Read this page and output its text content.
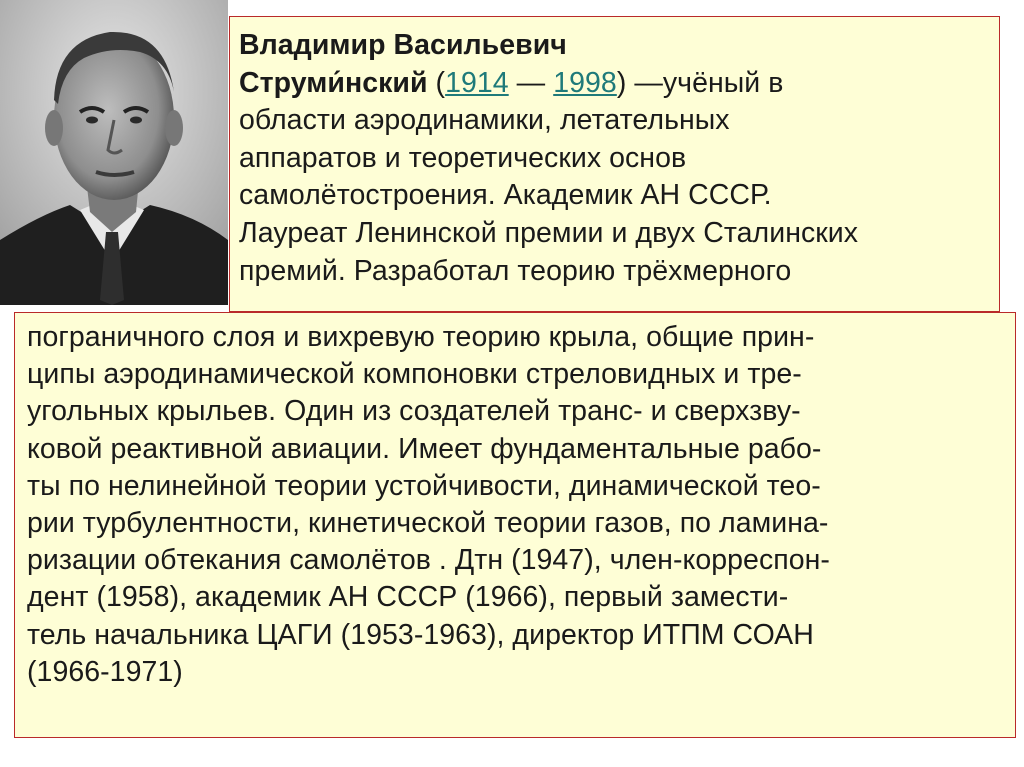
Владимир Васильевич
Струми́нский (1914 — 1998) —учёный в
области аэродинамики, летательных
аппаратов и теоретических основ
самолётостроения. Академик АН СССР.
Лауреат Ленинской премии и двух Сталинских
премий. Разработал теорию трёхмерного
пограничного слоя и вихревую теорию крыла, общие прин-
ципы аэродинамической компоновки стреловидных и тре-
угольных крыльев. Один из создателей транс- и сверхзву-
ковой реактивной авиации. Имеет фундаментальные рабо-
ты по нелинейной теории устойчивости, динамической тео-
рии турбулентности, кинетической теории газов, по ламина-
ризации обтекания самолётов . Дтн (1947), член-корреспон-
дент (1958), академик АН СССР (1966), первый замести-
тель начальника ЦАГИ (1953-1963), директор ИТПМ СОАН
(1966-1971)
